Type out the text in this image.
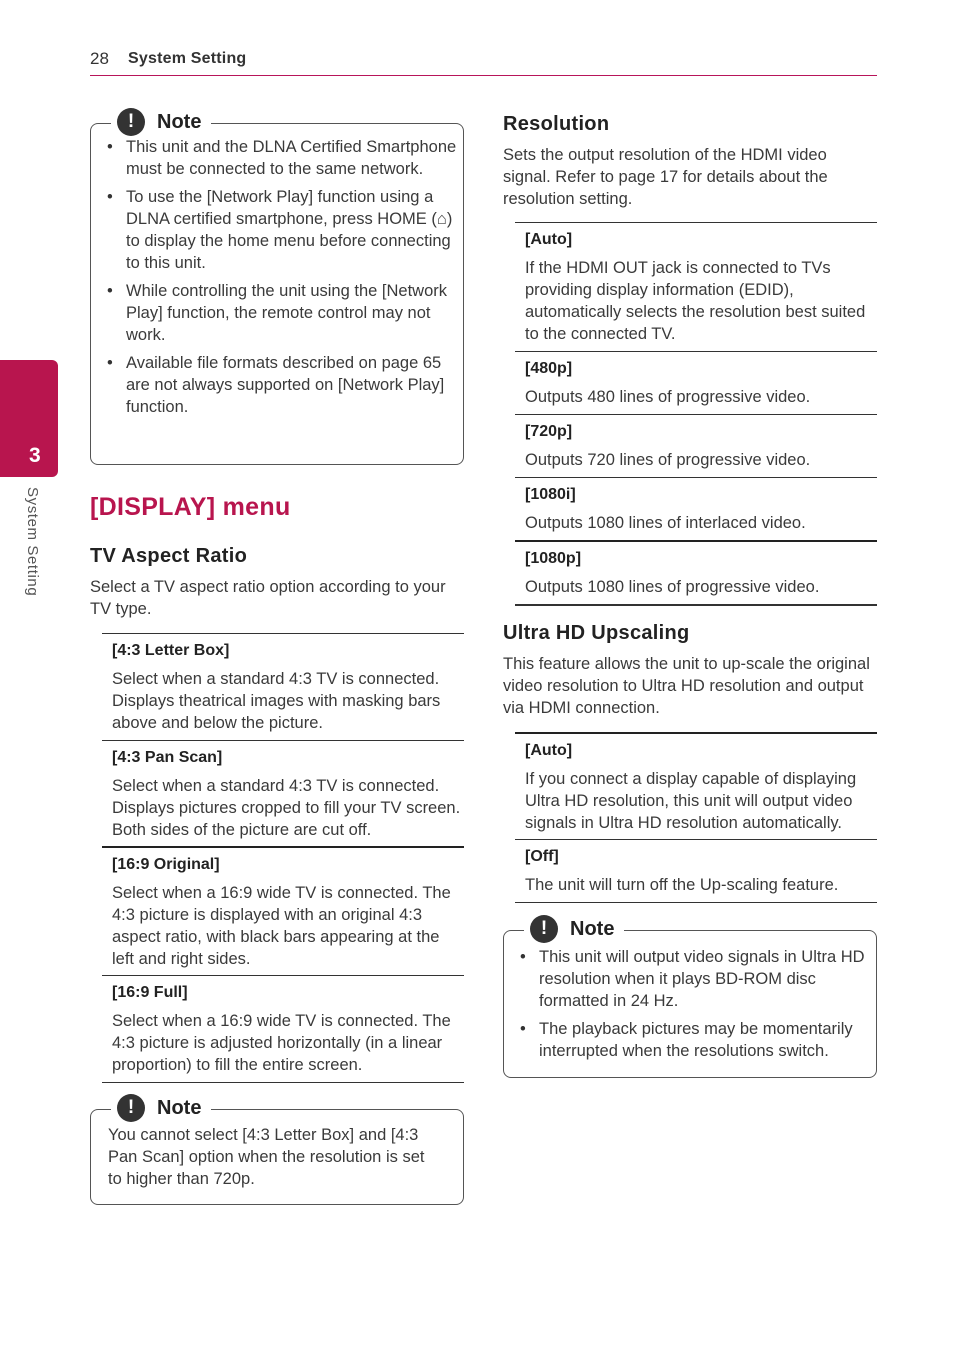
28 System Setting
3
System Setting
!	Note
• This unit and the DLNA Certified Smartphone must be connected to the same network.
• To use the [Network Play] function using a DLNA certified smartphone, press HOME (⌂) to display the home menu before connecting to this unit.
• While controlling the unit using the [Network Play] function, the remote control may not work.
• Available file formats described on page 65 are not always supported on [Network Play] function.
[DISPLAY] menu
TV Aspect Ratio

Select a TV aspect ratio option according to your TV type.

[4:3 Letter Box]
Select when a standard 4:3 TV is connected. Displays theatrical images with masking bars above and below the picture.
[4:3 Pan Scan]
Select when a standard 4:3 TV is connected. Displays pictures cropped to fill your TV screen. Both sides of the picture are cut off.
[16:9 Original]
Select when a 16:9 wide TV is connected. The 4:3 picture is displayed with an original 4:3 aspect ratio, with black bars appearing at the left and right sides.
[16:9 Full]
Select when a 16:9 wide TV is connected. The 4:3 picture is adjusted horizontally (in a linear proportion) to fill the entire screen.
!	Note

You cannot select [4:3 Letter Box] and [4:3 Pan Scan] option when the resolution is set to higher than 720p.

Resolution

Sets the output resolution of the HDMI video signal. Refer to page 17 for details about the resolution setting.

[Auto]
If the HDMI OUT jack is connected to TVs providing display information (EDID), automatically selects the resolution best suited to the connected TV.
[480p]
Outputs 480 lines of progressive video.
[720p]
Outputs 720 lines of progressive video.
[1080i]
Outputs 1080 lines of interlaced video.
[1080p]
Outputs 1080 lines of progressive video.
Ultra HD Upscaling

This feature allows the unit to up-scale the original video resolution to Ultra HD resolution and output via HDMI connection.

[Auto]
If you connect a display capable of displaying Ultra HD resolution, this unit will output video signals in Ultra HD resolution automatically.
[Off]
The unit will turn off the Up-scaling feature.
!	Note
• This unit will output video signals in Ultra HD resolution when it plays BD-ROM disc formatted in 24 Hz.
• The playback pictures may be momentarily interrupted when the resolutions switch.
